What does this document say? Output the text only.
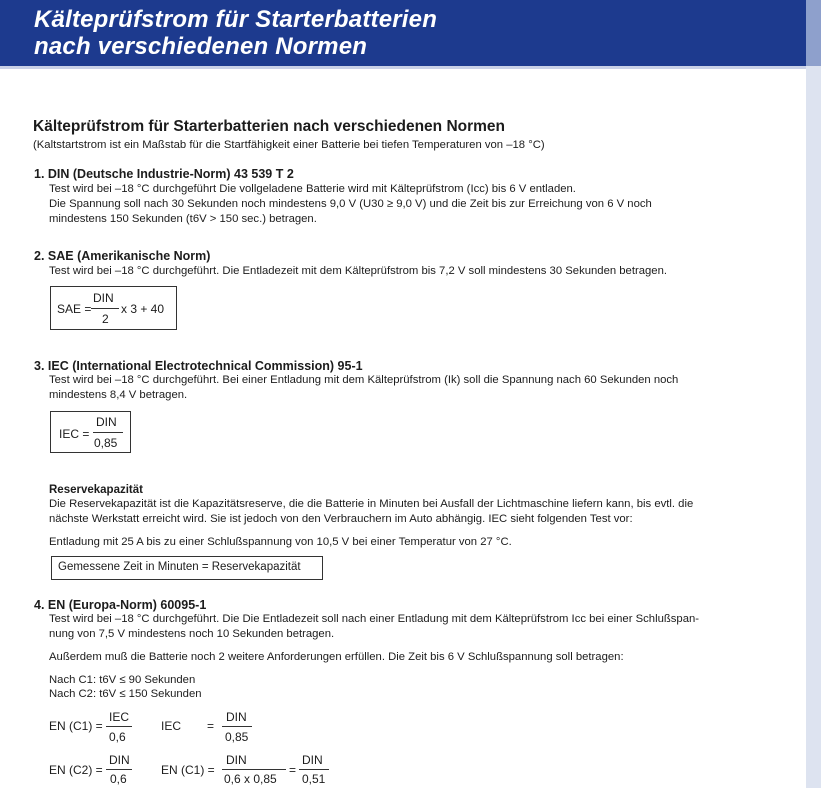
Kälteprüfstrom für Starterbatterien
nach verschiedenen Normen
Kälteprüfstrom für Starterbatterien nach verschiedenen Normen
(Kaltstartstrom ist ein Maßstab für die Startfähigkeit einer Batterie bei tiefen Temperaturen von –18 °C)
1. DIN (Deutsche Industrie-Norm) 43 539 T 2
Test wird bei –18 °C durchgeführt Die vollgeladene Batterie wird mit Kälteprüfstrom (Icc) bis 6 V entladen.
Die Spannung soll nach 30 Sekunden noch mindestens 9,0 V (U30 ≥ 9,0 V) und die Zeit bis zur Erreichung von 6 V noch
mindestens 150 Sekunden (t6V > 150 sec.) betragen.
2. SAE (Amerikanische Norm)
Test wird bei –18 °C durchgeführt. Die Entladezeit mit dem Kälteprüfstrom bis 7,2 V soll mindestens 30 Sekunden betragen.
SAE =
DIN
2
x 3 + 40
3. IEC (International Electrotechnical Commission) 95-1
Test wird bei –18 °C durchgeführt. Bei einer Entladung mit dem Kälteprüfstrom (Ik) soll die Spannung nach 60 Sekunden noch
mindestens 8,4 V betragen.
IEC =
DIN
0,85
Reservekapazität
Die Reservekapazität ist die Kapazitätsreserve, die die Batterie in Minuten bei Ausfall der Lichtmaschine liefern kann, bis evtl. die
nächste Werkstatt erreicht wird. Sie ist jedoch von den Verbrauchern im Auto abhängig. IEC sieht folgenden Test vor:
Entladung mit 25 A bis zu einer Schlußspannung von 10,5 V bei einer Temperatur von 27 °C.
Gemessene Zeit in Minuten = Reservekapazität
4. EN (Europa-Norm) 60095-1
Test wird bei –18 °C durchgeführt. Die Die Entladezeit soll nach einer Entladung mit dem Kälteprüfstrom Icc bei einer Schlußspan-
nung von 7,5 V mindestens noch 10 Sekunden betragen.
Außerdem muß die Batterie noch 2 weitere Anforderungen erfüllen. Die Zeit bis 6 V Schlußspannung soll betragen:
Nach C1: t6V ≤ 90 Sekunden
Nach C2: t6V ≤ 150 Sekunden
EN (C1) =
IEC
0,6
IEC =
DIN
0,85
EN (C2) =
DIN
0,6
EN (C1) =
DIN
0,6 x 0,85
=
DIN
0,51
